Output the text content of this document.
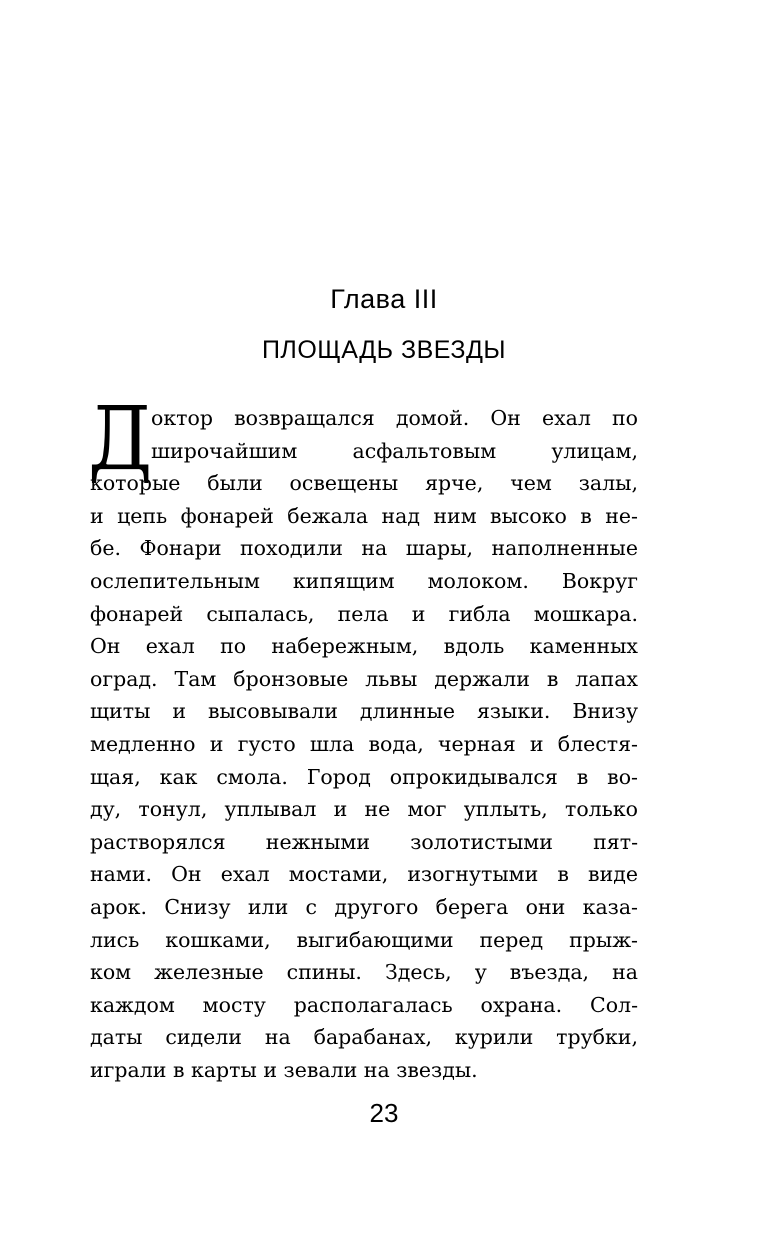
Глава III
ПЛОЩАДЬ ЗВЕЗДЫ
Д
октор возвращался домой. Он ехал по
широчайшим асфальтовым улицам,
которые были освещены ярче, чем залы,
и цепь фонарей бежала над ним высоко в не-
бе. Фонари походили на шары, наполненные
ослепительным кипящим молоком. Вокруг
фонарей сыпалась, пела и гибла мошкара.
Он ехал по набережным, вдоль каменных
оград. Там бронзовые львы держали в лапах
щиты и высовывали длинные языки. Внизу
медленно и густо шла вода, черная и блестя-
щая, как смола. Город опрокидывался в во-
ду, тонул, уплывал и не мог уплыть, только
растворялся нежными золотистыми пят-
нами. Он ехал мостами, изогнутыми в виде
арок. Снизу или с другого берега они каза-
лись кошками, выгибающими перед прыж-
ком железные спины. Здесь, у въезда, на
каждом мосту располагалась охрана. Сол-
даты сидели на барабанах, курили трубки,
играли в карты и зевали на звезды.
23
